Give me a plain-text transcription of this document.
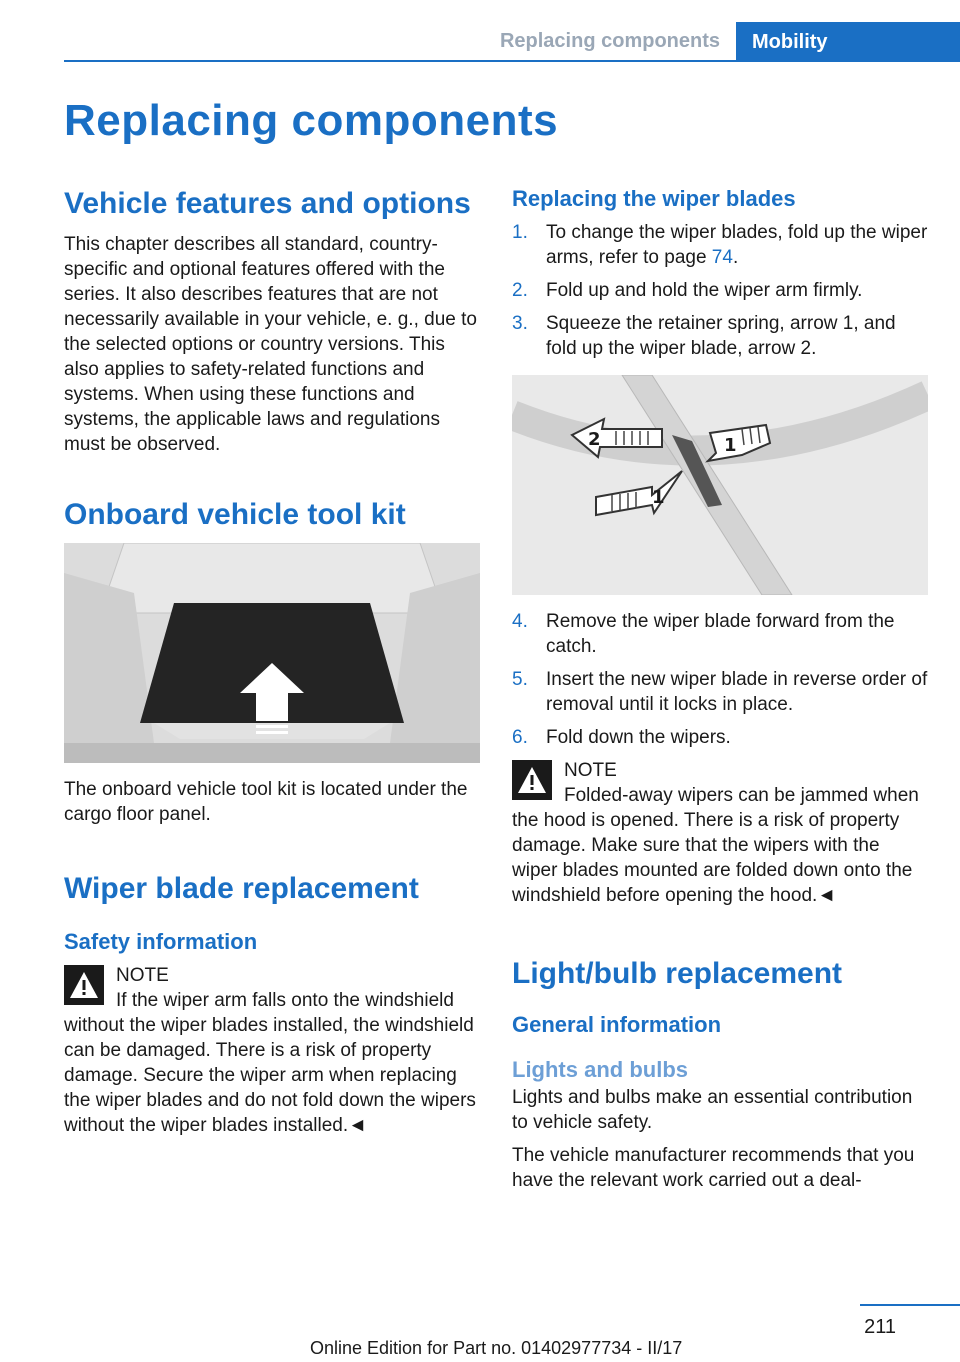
Replacing components	Mobility
Replacing components
Vehicle features and options

This chapter describes all standard, country-specific and optional features offered with the series. It also describes features that are not necessarily available in your vehicle, e. g., due to the selected options or country versions. This also applies to safety-related functions and systems. When using these functions and systems, the applicable laws and regulations must be observed.

Onboard vehicle tool kit

The onboard vehicle tool kit is located under the cargo floor panel.

Wiper blade replacement
Safety information
NOTE
If the wiper arm falls onto the windshield without the wiper blades installed, the windshield can be damaged. There is a risk of property damage. Secure the wiper arm when replacing the wiper blades and do not fold down the wipers without the wiper blades installed.◄
Replacing the wiper blades
1. To change the wiper blades, fold up the wiper arms, refer to page 74.
2. Fold up and hold the wiper arm firmly.
3. Squeeze the retainer spring, arrow 1, and fold up the wiper blade, arrow 2.
2	1
1
4. Remove the wiper blade forward from the catch.
5. Insert the new wiper blade in reverse order of removal until it locks in place.
6. Fold down the wipers.
NOTE
Folded-away wipers can be jammed when the hood is opened. There is a risk of property damage. Make sure that the wipers with the wiper blades mounted are folded down onto the windshield before opening the hood.◄
Light/bulb replacement
General information
Lights and bulbs

Lights and bulbs make an essential contribution to vehicle safety.

The vehicle manufacturer recommends that you have the relevant work carried out a deal-

211
Online Edition for Part no. 01402977734 - II/17
